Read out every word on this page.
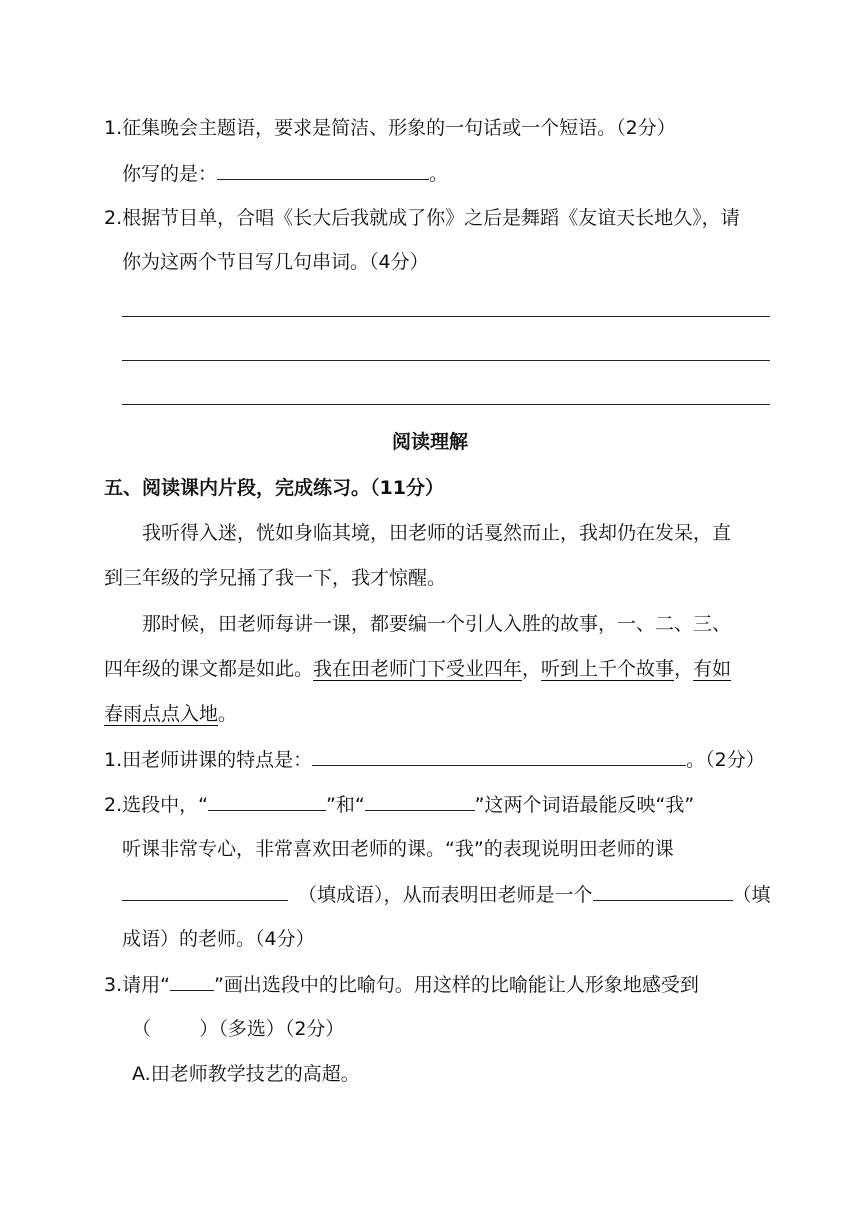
1.征集晚会主题语，要求是简洁、形象的一句话或一个短语。（2分）
你写的是：	。
2.根据节目单，合唱《长大后我就成了你》之后是舞蹈《友谊天长地久》，请
你为这两个节目写几句串词。（4分）
阅读理解
五、阅读课内片段，完成练习。（11分）
我听得入迷，恍如身临其境，田老师的话戛然而止，我却仍在发呆，直
到三年级的学兄捅了我一下，我才惊醒。
那时候，田老师每讲一课，都要编一个引人入胜的故事，一、二、三、
四年级的课文都是如此。我在田老师门下受业四年，听到上千个故事，有如
春雨点点入地。
1.田老师讲课的特点是：	。（2分）
2.选段中，“	”和“	”这两个词语最能反映“我”
听课非常专心，非常喜欢田老师的课。“我”的表现说明田老师的课
（填成语），从而表明田老师是一个	（填
成语）的老师。（4分）
3.请用“ ”画出选段中的比喻句。用这样的比喻能让人形象地感受到
（        ）（多选）（2分）
A.田老师教学技艺的高超。
